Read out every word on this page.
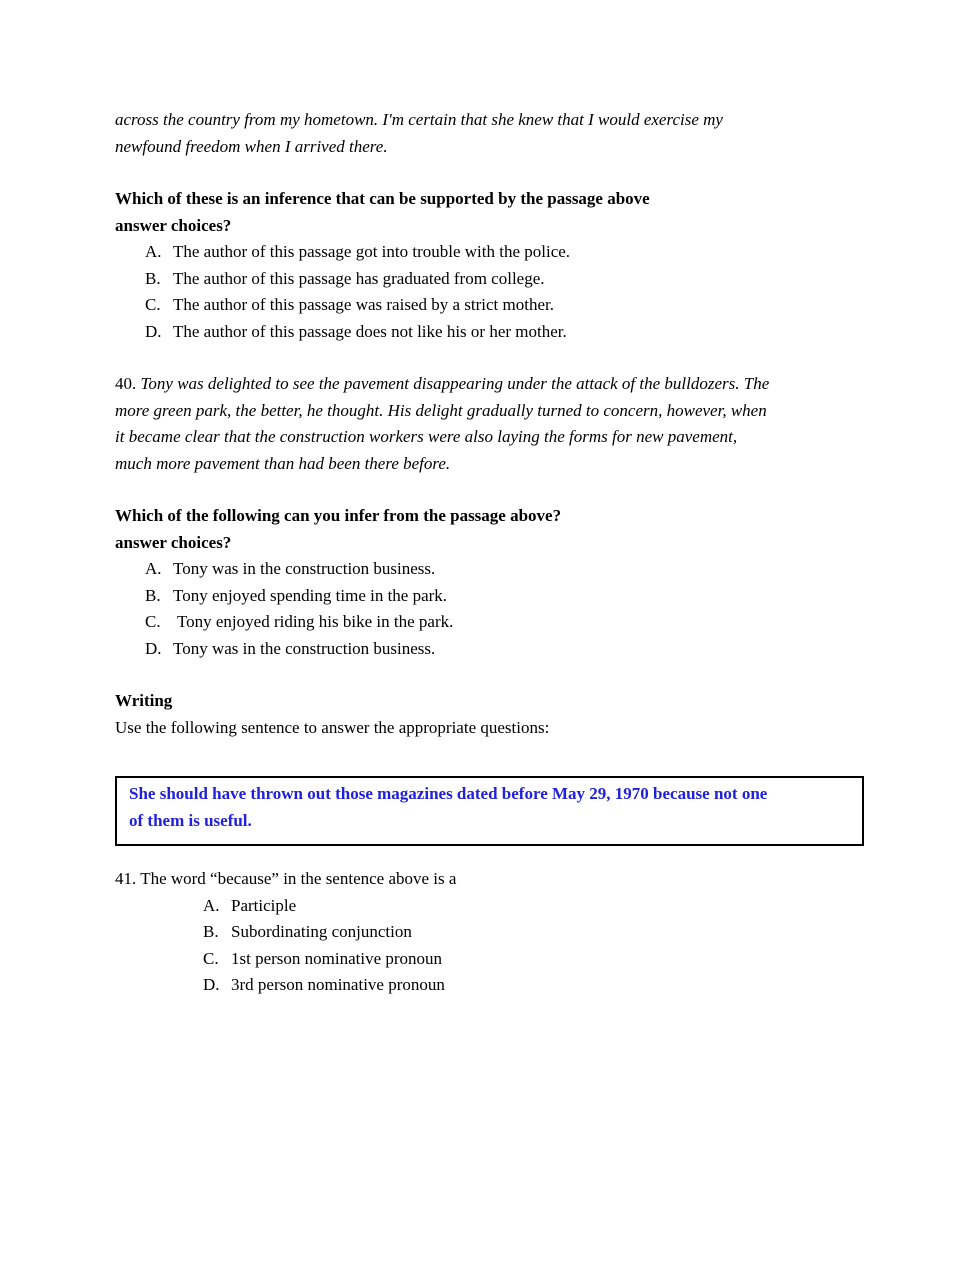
across the country from my hometown. I'm certain that she knew that I would exercise my
newfound freedom when I arrived there.
Which of these is an inference that can be supported by the passage above
answer choices?
A. The author of this passage got into trouble with the police.
B. The author of this passage has graduated from college.
C. The author of this passage was raised by a strict mother.
D. The author of this passage does not like his or her mother.
40. Tony was delighted to see the pavement disappearing under the attack of the bulldozers. The
more green park, the better, he thought. His delight gradually turned to concern, however, when
it became clear that the construction workers were also laying the forms for new pavement,
much more pavement than had been there before.
Which of the following can you infer from the passage above?
answer choices?
A. Tony was in the construction business.
B. Tony enjoyed spending time in the park.
C. Tony enjoyed riding his bike in the park.
D. Tony was in the construction business.
Writing
Use the following sentence to answer the appropriate questions:
She should have thrown out those magazines dated before May 29, 1970 because not one
of them is useful.
41. The word “because” in the sentence above is a
A. Participle
B. Subordinating conjunction
C. 1st person nominative pronoun
D. 3rd person nominative pronoun
